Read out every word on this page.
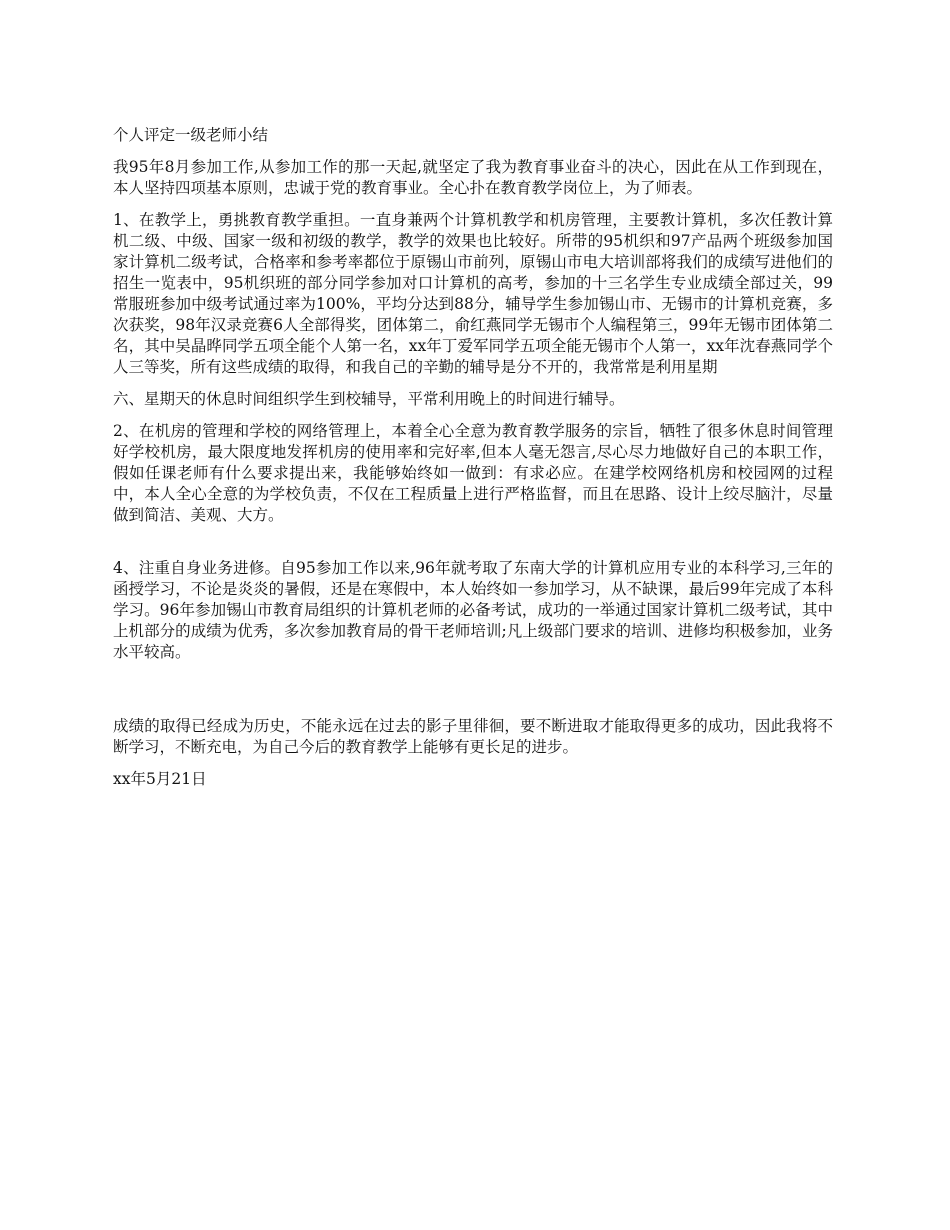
个人评定一级老师小结

我95年8月参加工作,从参加工作的那一天起,就坚定了我为教育事业奋斗的决心，因此在从工作到现在，本人坚持四项基本原则，忠诚于党的教育事业。全心扑在教育教学岗位上，为了师表。

1、在教学上，勇挑教育教学重担。一直身兼两个计算机教学和机房管理，主要教计算机，多次任教计算机二级、中级、国家一级和初级的教学，教学的效果也比较好。所带的95机织和97产品两个班级参加国家计算机二级考试，合格率和参考率都位于原锡山市前列，原锡山市电大培训部将我们的成绩写进他们的招生一览表中，95机织班的部分同学参加对口计算机的高考，参加的十三名学生专业成绩全部过关，99常服班参加中级考试通过率为100%，平均分达到88分，辅导学生参加锡山市、无锡市的计算机竞赛，多次获奖，98年汉录竞赛6人全部得奖，团体第二，俞红燕同学无锡市个人编程第三，99年无锡市团体第二名，其中吴晶晔同学五项全能个人第一名，xx年丁爱军同学五项全能无锡市个人第一，xx年沈春燕同学个人三等奖，所有这些成绩的取得，和我自己的辛勤的辅导是分不开的，我常常是利用星期

六、星期天的休息时间组织学生到校辅导，平常利用晚上的时间进行辅导。

2、在机房的管理和学校的网络管理上，本着全心全意为教育教学服务的宗旨，牺牲了很多休息时间管理好学校机房，最大限度地发挥机房的使用率和完好率,但本人毫无怨言,尽心尽力地做好自己的本职工作，假如任课老师有什么要求提出来，我能够始终如一做到：有求必应。在建学校网络机房和校园网的过程中，本人全心全意的为学校负责，不仅在工程质量上进行严格监督，而且在思路、设计上绞尽脑汁，尽量做到简洁、美观、大方。

4、注重自身业务进修。自95参加工作以来,96年就考取了东南大学的计算机应用专业的本科学习,三年的函授学习，不论是炎炎的暑假，还是在寒假中，本人始终如一参加学习，从不缺课，最后99年完成了本科学习。96年参加锡山市教育局组织的计算机老师的必备考试，成功的一举通过国家计算机二级考试，其中上机部分的成绩为优秀，多次参加教育局的骨干老师培训;凡上级部门要求的培训、进修均积极参加，业务水平较高。

成绩的取得已经成为历史，不能永远在过去的影子里徘徊，要不断进取才能取得更多的成功，因此我将不断学习，不断充电，为自己今后的教育教学上能够有更长足的进步。

xx年5月21日
